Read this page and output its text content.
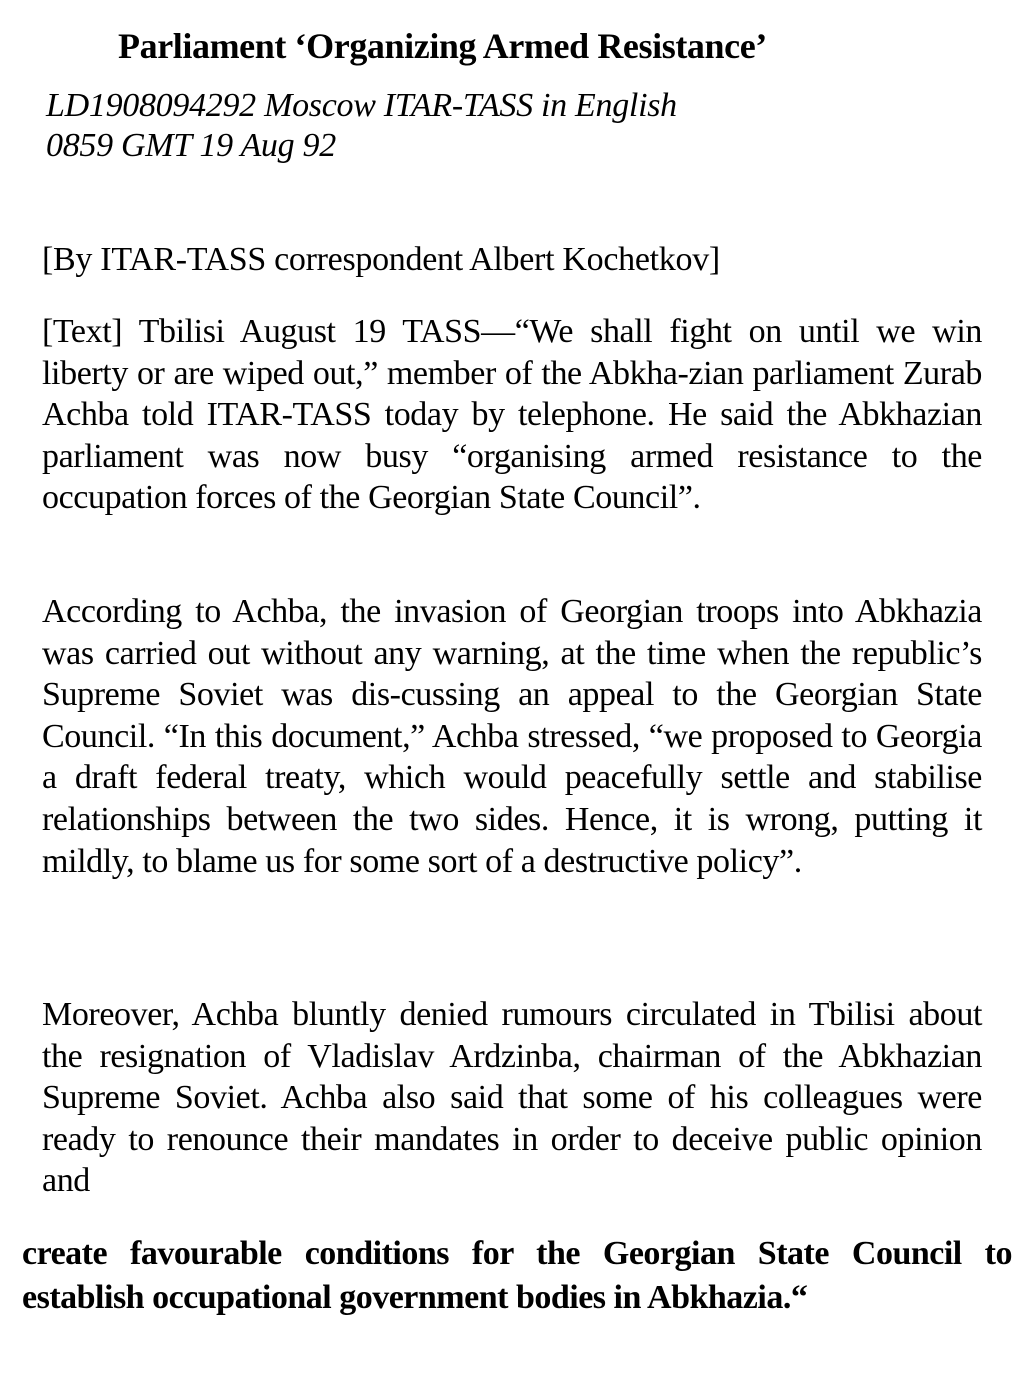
Parliament ‘Organizing Armed Resistance’
LD1908094292 Moscow ITAR-TASS in English
0859 GMT 19 Aug 92
[By ITAR-TASS correspondent Albert Kochetkov]
[Text] Tbilisi August 19 TASS—“We shall fight on until we win liberty or are wiped out,” member of the Abkha-zian parliament Zurab Achba told ITAR-TASS today by telephone. He said the Abkhazian parliament was now busy “organising armed resistance to the occupation forces of the Georgian State Council”.
According to Achba, the invasion of Georgian troops into Abkhazia was carried out without any warning, at the time when the republic’s Supreme Soviet was dis-cussing an appeal to the Georgian State Council. “In this document,” Achba stressed, “we proposed to Georgia a draft federal treaty, which would peacefully settle and stabilise relationships between the two sides. Hence, it is wrong, putting it mildly, to blame us for some sort of a destructive policy”.
Moreover, Achba bluntly denied rumours circulated in Tbilisi about the resignation of Vladislav Ardzinba, chairman of the Abkhazian Supreme Soviet. Achba also said that some of his colleagues were ready to renounce their mandates in order to deceive public opinion and
create favourable conditions for the Georgian State Council to establish occupational government bodies in Abkhazia.“
